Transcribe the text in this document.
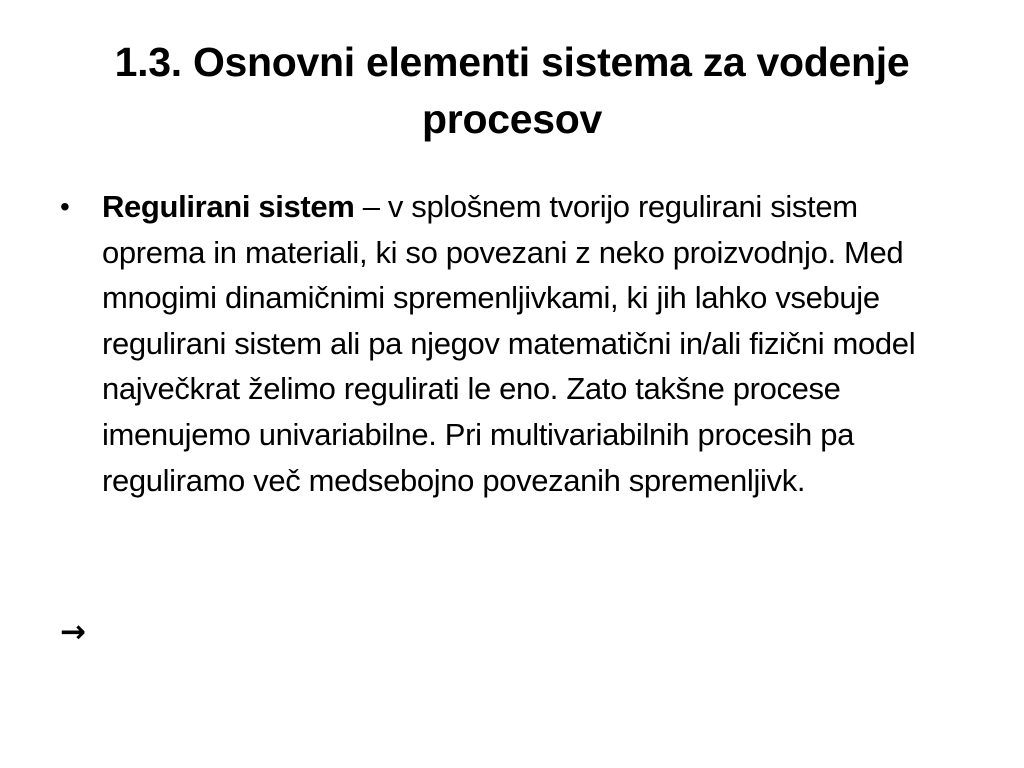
1.3. Osnovni elementi sistema za vodenje procesov
•	Regulirani sistem – v splošnem tvorijo regulirani sistem oprema in materiali, ki so povezani z neko proizvodnjo. Med mnogimi dinamičnimi spremenljivkami, ki jih lahko vsebuje regulirani sistem ali pa njegov matematični in/ali fizični model največkrat želimo regulirati le eno. Zato takšne procese imenujemo univariabilne. Pri multivariabilnih procesih pa reguliramo več medsebojno povezanih spremenljivk.
→
